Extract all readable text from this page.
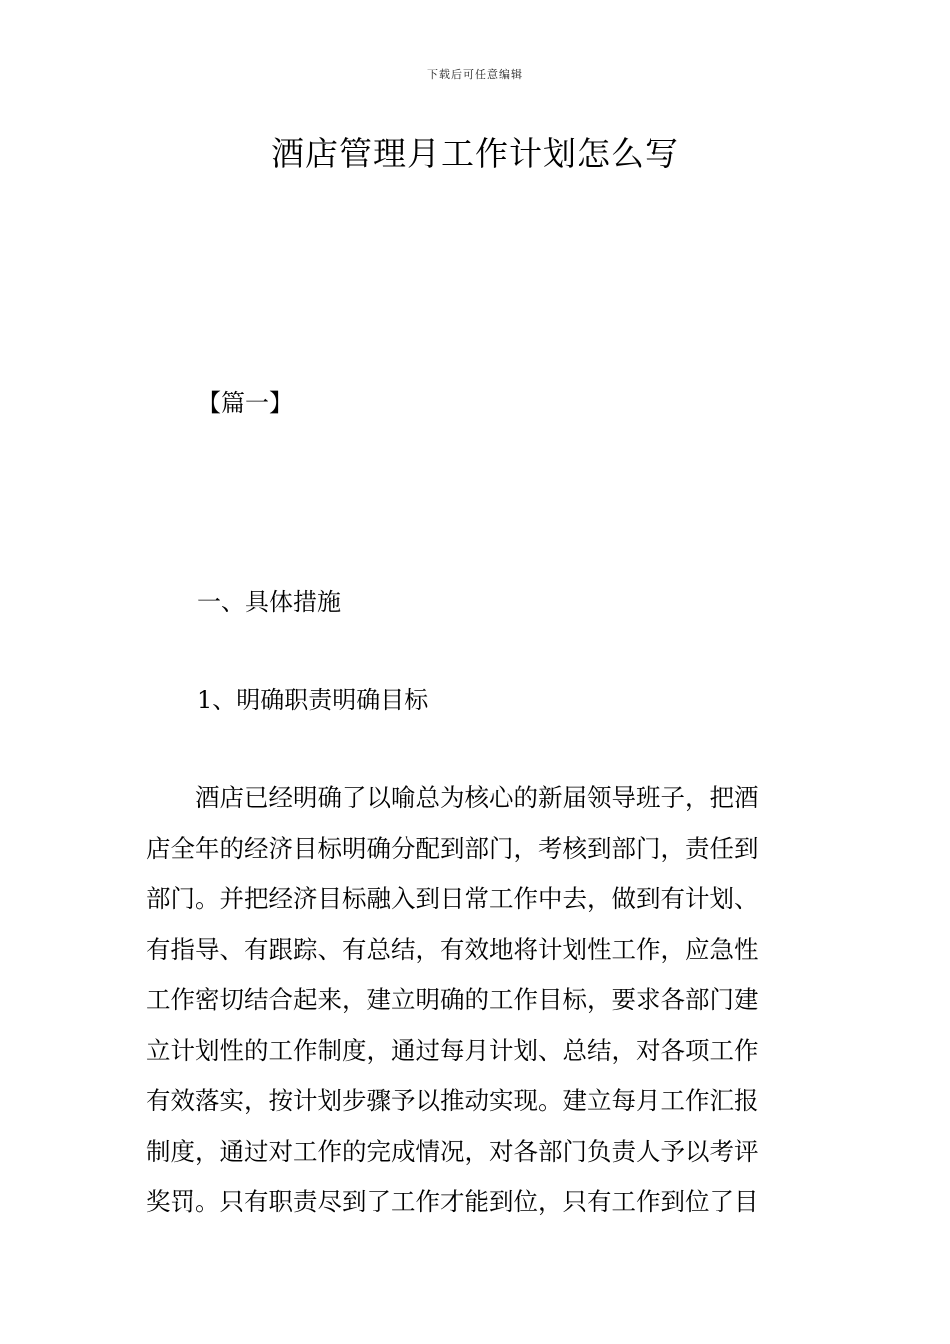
下载后可任意编辑
酒店管理月工作计划怎么写
【篇一】
一、具体措施
1、明确职责明确目标
　　酒店已经明确了以喻总为核心的新届领导班子，把酒
店全年的经济目标明确分配到部门，考核到部门，责任到
部门。并把经济目标融入到日常工作中去，做到有计划、
有指导、有跟踪、有总结，有效地将计划性工作，应急性
工作密切结合起来，建立明确的工作目标，要求各部门建
立计划性的工作制度，通过每月计划、总结，对各项工作
有效落实，按计划步骤予以推动实现。建立每月工作汇报
制度，通过对工作的完成情况，对各部门负责人予以考评
奖罚。只有职责尽到了工作才能到位，只有工作到位了目
